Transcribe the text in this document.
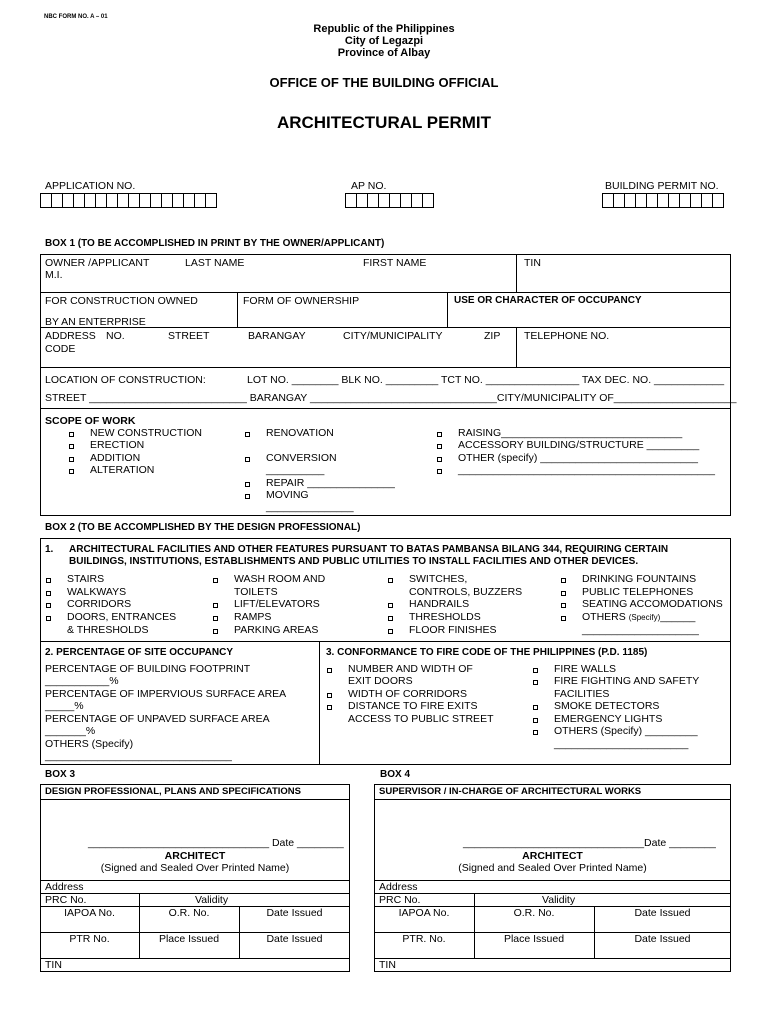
NBC FORM NO. A – 01
Republic of the Philippines
City of Legazpi
Province of Albay
OFFICE OF THE BUILDING OFFICIAL
ARCHITECTURAL PERMIT
APPLICATION NO.	AP NO.	BUILDING PERMIT NO.
BOX 1 (TO BE ACCOMPLISHED IN PRINT BY THE OWNER/APPLICANT)
OWNER /APPLICANT	LAST NAME	FIRST NAME
M.I.
TIN
FOR CONSTRUCTION OWNED
BY AN ENTERPRISE
FORM OF OWNERSHIP	USE OR CHARACTER OF OCCUPANCY
ADDRESS NO.	STREET	BARANGAY	CITY/MUNICIPALITY	ZIP
CODE
TELEPHONE NO.
LOCATION OF CONSTRUCTION:	LOT NO. ________ BLK NO. _________ TCT NO. ________________ TAX DEC. NO. ____________
STREET ___________________________ BARANGAY ________________________________CITY/MUNICIPALITY OF_____________________
SCOPE OF WORK
NEW CONSTRUCTION
ERECTION
ADDITION
ALTERATION
RENOVATION
CONVERSION
__________
REPAIR _______________
MOVING
_______________
RAISING_______________________________
ACCESSORY BUILDING/STRUCTURE _________
OTHER (specify) ___________________________
____________________________________________
BOX 2 (TO BE ACCOMPLISHED BY THE DESIGN PROFESSIONAL)
1. ARCHITECTURAL FACILITIES AND OTHER FEATURES PURSUANT TO BATAS PAMBANSA BILANG 344, REQUIRING CERTAIN
BUILDINGS, INSTITUTIONS, ESTABLISHMENTS AND PUBLIC UTILITIES TO INSTALL FACILITIES AND OTHER DEVICES.
STAIRS
WALKWAYS
CORRIDORS
DOORS, ENTRANCES
& THRESHOLDS
WASH ROOM AND
TOILETS
LIFT/ELEVATORS
RAMPS
PARKING AREAS
SWITCHES,
CONTROLS, BUZZERS
HANDRAILS
THRESHOLDS
FLOOR FINISHES
DRINKING FOUNTAINS
PUBLIC TELEPHONES
SEATING ACCOMODATIONS
OTHERS (Specify)______
____________________
2. PERCENTAGE OF SITE OCCUPANCY
PERCENTAGE OF BUILDING FOOTPRINT
___________%
PERCENTAGE OF IMPERVIOUS SURFACE AREA
_____%
PERCENTAGE OF UNPAVED SURFACE AREA
_______%
OTHERS (Specify)
________________________________
3. CONFORMANCE TO FIRE CODE OF THE PHILIPPINES (P.D. 1185)
NUMBER AND WIDTH OF
EXIT DOORS
WIDTH OF CORRIDORS
DISTANCE TO FIRE EXITS
ACCESS TO PUBLIC STREET
FIRE WALLS
FIRE FIGHTING AND SAFETY
FACILITIES
SMOKE DETECTORS
EMERGENCY LIGHTS
OTHERS (Specify) _________
_______________________
BOX 3
DESIGN PROFESSIONAL, PLANS AND SPECIFICATIONS
_______________________________ Date ________
ARCHITECT
(Signed and Sealed Over Printed Name)
Address
PRC No.	Validity
IAPOA No.	O.R. No.	Date Issued
PTR No.	Place Issued	Date Issued
TIN
BOX 4
SUPERVISOR / IN-CHARGE OF ARCHITECTURAL WORKS
_______________________________Date ________
ARCHITECT
(Signed and Sealed Over Printed Name)
Address
PRC No.	Validity
IAPOA No.	O.R. No.	Date Issued
PTR. No.	Place Issued	Date Issued
TIN
